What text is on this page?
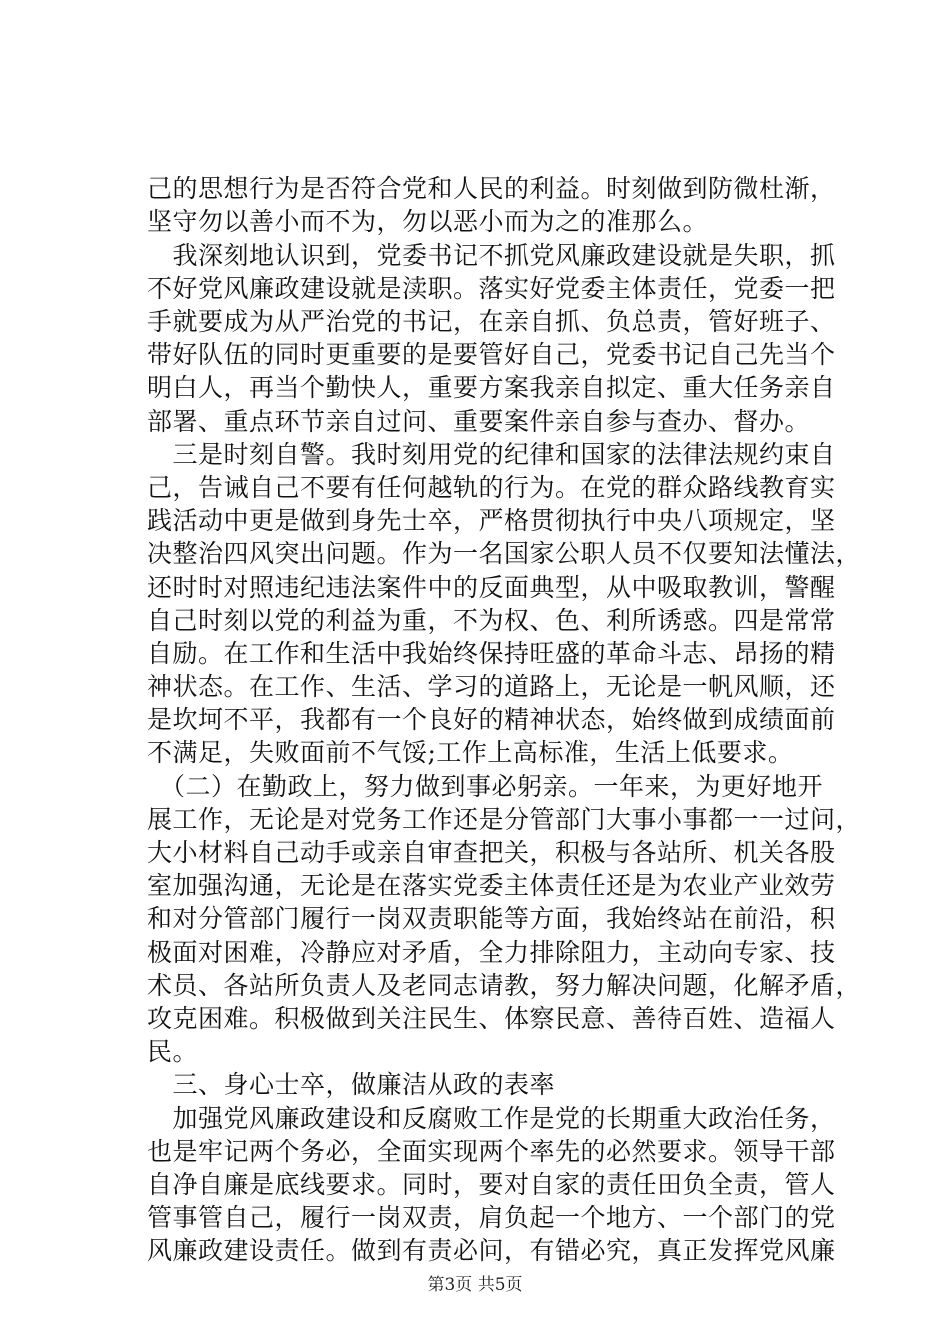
己的思想行为是否符合党和人民的利益。时刻做到防微杜渐，
坚守勿以善小而不为，勿以恶小而为之的准那么。
　我深刻地认识到，党委书记不抓党风廉政建设就是失职，抓
不好党风廉政建设就是渎职。落实好党委主体责任，党委一把
手就要成为从严治党的书记，在亲自抓、负总责，管好班子、
带好队伍的同时更重要的是要管好自己，党委书记自己先当个
明白人，再当个勤快人，重要方案我亲自拟定、重大任务亲自
部署、重点环节亲自过问、重要案件亲自参与查办、督办。
　三是时刻自警。我时刻用党的纪律和国家的法律法规约束自
己，告诫自己不要有任何越轨的行为。在党的群众路线教育实
践活动中更是做到身先士卒，严格贯彻执行中央八项规定，坚
决整治四风突出问题。作为一名国家公职人员不仅要知法懂法，
还时时对照违纪违法案件中的反面典型，从中吸取教训，警醒
自己时刻以党的利益为重，不为权、色、利所诱惑。四是常常
自励。在工作和生活中我始终保持旺盛的革命斗志、昂扬的精
神状态。在工作、生活、学习的道路上，无论是一帆风顺，还
是坎坷不平，我都有一个良好的精神状态，始终做到成绩面前
不满足，失败面前不气馁;工作上高标准，生活上低要求。
　（二）在勤政上，努力做到事必躬亲。一年来，为更好地开
展工作，无论是对党务工作还是分管部门大事小事都一一过问，
大小材料自己动手或亲自审查把关，积极与各站所、机关各股
室加强沟通，无论是在落实党委主体责任还是为农业产业效劳
和对分管部门履行一岗双责职能等方面，我始终站在前沿，积
极面对困难，冷静应对矛盾，全力排除阻力，主动向专家、技
术员、各站所负责人及老同志请教，努力解决问题，化解矛盾，
攻克困难。积极做到关注民生、体察民意、善待百姓、造福人
民。
　三、身心士卒，做廉洁从政的表率
　加强党风廉政建设和反腐败工作是党的长期重大政治任务，
也是牢记两个务必，全面实现两个率先的必然要求。领导干部
自净自廉是底线要求。同时，要对自家的责任田负全责，管人
管事管自己，履行一岗双责，肩负起一个地方、一个部门的党
风廉政建设责任。做到有责必问，有错必究，真正发挥党风廉
第3页 共5页
